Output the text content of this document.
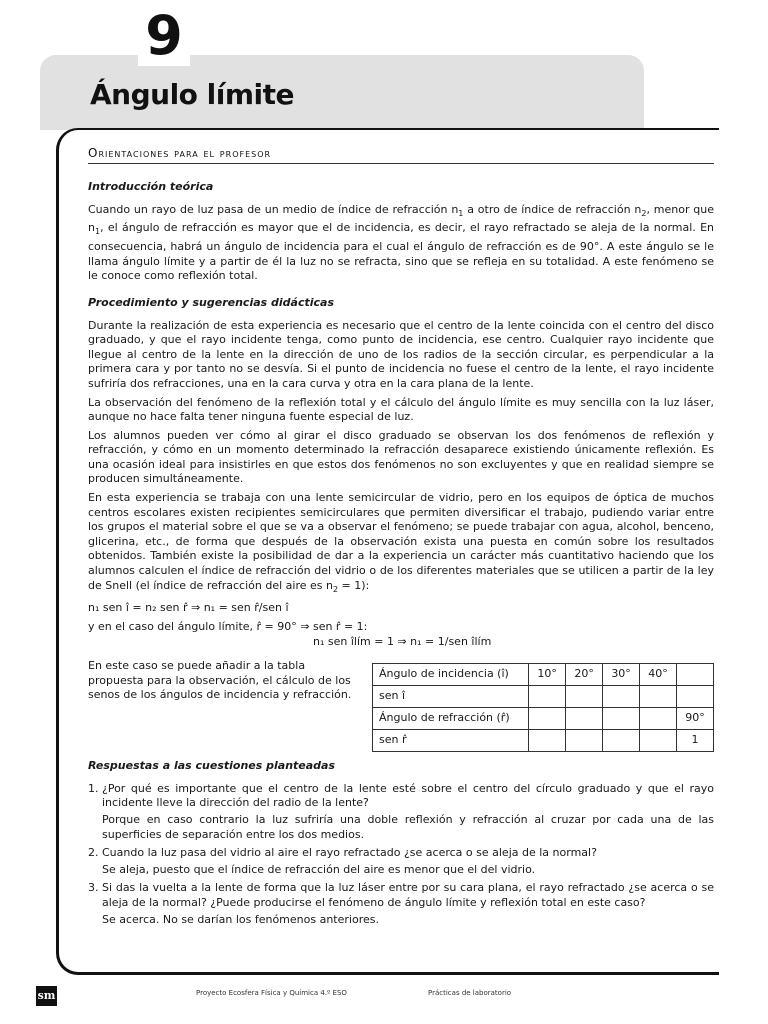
9
Ángulo límite
Orientaciones para el profesor

Introducción teórica

Cuando un rayo de luz pasa de un medio de índice de refracción $n_1$ a otro de índice de refracción $n_2$, menor que $n_1$, el ángulo de refracción es mayor que el de incidencia, es decir, el rayo refractado se aleja de la normal. En consecuencia, habrá un ángulo de incidencia para el cual el ángulo de refracción es de 90°. A este ángulo se le llama ángulo límite y a partir de él la luz no se refracta, sino que se refleja en su totalidad. A este fenómeno se le conoce como reflexión total.

Procedimiento y sugerencias didácticas

Durante la realización de esta experiencia es necesario que el centro de la lente coincida con el centro del disco graduado, y que el rayo incidente tenga, como punto de incidencia, ese centro. Cualquier rayo incidente que llegue al centro de la lente en la dirección de uno de los radios de la sección circular, es perpendicular a la primera cara y por tanto no se desvía. Si el punto de incidencia no fuese el centro de la lente, el rayo incidente sufriría dos refracciones, una en la cara curva y otra en la cara plana de la lente.

La observación del fenómeno de la reflexión total y el cálculo del ángulo límite es muy sencilla con la luz láser, aunque no hace falta tener ninguna fuente especial de luz.

Los alumnos pueden ver cómo al girar el disco graduado se observan los dos fenómenos de reflexión y refracción, y cómo en un momento determinado la refracción desaparece existiendo únicamente reflexión. Es una ocasión ideal para insistirles en que estos dos fenómenos no son excluyentes y que en realidad siempre se producen simultáneamente.

En esta experiencia se trabaja con una lente semicircular de vidrio, pero en los equipos de óptica de muchos centros escolares existen recipientes semicirculares que permiten diversificar el trabajo, pudiendo variar entre los grupos el material sobre el que se va a observar el fenómeno; se puede trabajar con agua, alcohol, benceno, glicerina, etc., de forma que después de la observación exista una puesta en común sobre los resultados obtenidos. También existe la posibilidad de dar a la experiencia un carácter más cuantitativo haciendo que los alumnos calculen el índice de refracción del vidrio o de los diferentes materiales que se utilicen a partir de la ley de Snell (el índice de refracción del aire es $n_2 = 1$):

n₁ sen î = n₂ sen r̂ ⇒ n₁ = sen r̂/sen î

y en el caso del ángulo límite, r̂ = 90° ⇒ sen r̂ = 1:

n₁ sen îlím = 1 ⇒ n₁ = 1/sen îlím

En este caso se puede añadir a la tabla propuesta para la observación, el cálculo de los senos de los ángulos de incidencia y refracción.

Ángulo de incidencia (î)	10°	20°	30°	40°	
sen î					
Ángulo de refracción (r̂)					90°
sen r̂					1

Respuestas a las cuestiones planteadas

1. ¿Por qué es importante que el centro de la lente esté sobre el centro del círculo graduado y que el rayo incidente lleve la dirección del radio de la lente?

Porque en caso contrario la luz sufriría una doble reflexión y refracción al cruzar por cada una de las superficies de separación entre los dos medios.

2. Cuando la luz pasa del vidrio al aire el rayo refractado ¿se acerca o se aleja de la normal?

Se aleja, puesto que el índice de refracción del aire es menor que el del vidrio.

3. Si das la vuelta a la lente de forma que la luz láser entre por su cara plana, el rayo refractado ¿se acerca o se aleja de la normal? ¿Puede producirse el fenómeno de ángulo límite y reflexión total en este caso?

Se acerca. No se darían los fenómenos anteriores.

sm	Proyecto Ecosfera Física y Química 4.º ESO	Prácticas de laboratorio
